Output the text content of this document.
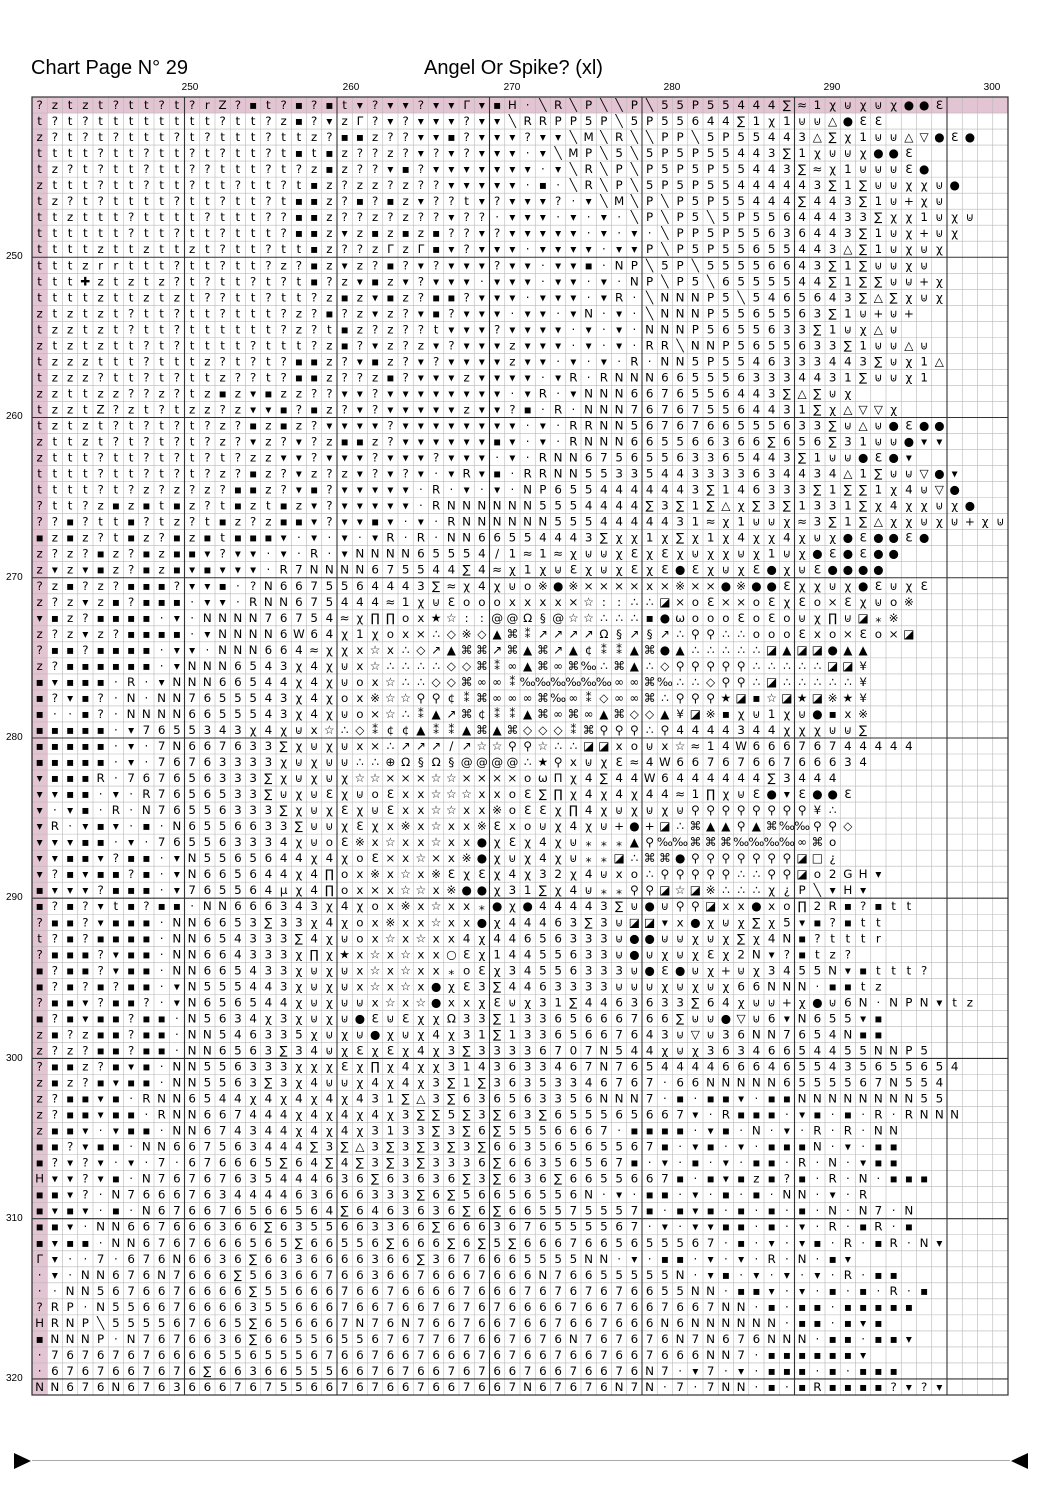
Chart Page N° 29	Angel Or Spike? (xl)
250	260	270	280	290	300
250
260
270
280
290
300
310
320
? z t z t ? t t ? t ? r Z ? ▪ t ? ▪ ? ▪ t ▾ ? ▾ ▾ ? ▾ ▾ Γ ▾ ▪ H · ╲ R ╲ P ╲ ╲ P ╲ 5 5 P 5 5 4 4 4 ∑ ≈ 1 χ ⊍ χ ⊍ χ ● ● Ɛ
t ? t ? t t t t t t t t ? t t ? z ▪ ? ▾ z Γ ? ▾ ? ▾ ▾ ▾ ? ▾ ▾ ╲ R R P P 5 P ╲ 5 P 5 5 6 4 4 ∑ 1 χ 1 ⊍ ⊍ △ ● Ɛ Ɛ
z ? t ? t ? t t t ? t ? t t t ? t t z ? ▪ ▪ z ? ? ▾ ▾ ▪ ? ▾ ▾ ▾ ? ▾ ▾ ╲ M ╲ R ╲ ╲ P P ╲ 5 P 5 5 4 4 3 △ ∑ χ 1 ⊍ ⊍ △ ▽ ● Ɛ ●
t t t t ? t t ? t t ? t ? t t ? t ▪ t ▪ z ? ? z ? ▾ ? ▾ ? ▾ ▾ ▾ · ▾ ╲ M P ╲ 5 ╲ 5 P 5 P 5 5 4 4 3 ∑ 1 χ ⊍ ⊍ χ ● ● Ɛ
t z ? t ? t t ? t t ? ? t t t ? t ? z ▪ z ? ? ▾ ▪ ? ▾ ▾ ▾ ▾ ▾ ▾ ▾ · ▾ ╲ R ╲ P ╲ P 5 P 5 P 5 5 4 4 3 ∑ ≈ χ 1 ⊍ ⊍ ⊍ Ɛ ●
z t t t ? t t ? t t ? t t ? t t ? t ▪ z ? z z ? z ? ? ▾ ▾ ▾ ▾ ▾ · ▪ · ╲ R ╲ P ╲ 5 P 5 P 5 5 4 4 4 4 4 3 ∑ 1 ∑ ⊍ ⊍ χ χ ⊍ ●
t z ? t ? t t t t ? t t ? t t ? t ▪ ▪ z ? ▪ ? ▪ z ▾ ? ? t ▾ ? ▾ ▾ ▾ ? · ▾ ╲ M ╲ P ╲ P 5 P 5 5 4 4 4 ∑ 4 4 3 ∑ 1 ⊍ + χ ⊍
t t z t t t ? t t t t ? t t t ? ? ▪ ▪ z ? ? z ? z ? ? ▾ ? ? · ▾ ▾ ▾ · ▾ · ▾ · ╲ P ╲ P 5 ╲ 5 P 5 5 6 4 4 4 3 3 ∑ χ χ 1 ⊍ χ ⊍
t t t t t t ? t t ? t t ? t t t ? ▪ ▪ z ▾ z ▪ z ▪ z ▪ ? ? ▾ ? ▾ ▾ ▾ ▾ ▾ · ▾ · ▾ · ╲ P P 5 P 5 5 6 3 6 4 4 3 ∑ 1 ⊍ χ + ⊍ χ
t t t t z t t z t t z t ? t t ? t t ▪ z ? ? z Γ z Γ ▪ ▾ ? ▾ ▾ ▾ · ▾ ▾ ▾ ▾ · ▾ ▾ P ╲ P 5 P 5 5 6 5 5 4 4 3 △ ∑ 1 ⊍ χ ⊍ χ
t t t z r r t t t ? t t ? t t ? z ? ▪ z ▾ z ? ▪ ? ▾ ? ▾ ▾ ▾ ? ▾ ▾ · ▾ ▾ ▪ · N P ╲ 5 P ╲ 5 5 5 5 6 6 4 3 ∑ 1 ∑ ⊍ ⊍ χ ⊍
t t t ✚ z t z t z ? t ? t t ? t ? t ▪ ? z ▾ ▪ z ▾ ? ▾ ▾ ▾ · ▾ ▾ ▾ · ▾ ▾ · ▾ · N P ╲ P 5 ╲ 6 5 5 5 5 4 4 ∑ 1 ∑ ∑ ⊍ ⊍ + χ
t t t t z t t z t z t ? ? t t ? t t ? z ▪ z ▾ ▪ z ? ▪ ▪ ? ▾ ▾ ▾ · ▾ ▾ ▾ · ▾ R · ╲ N N N P 5 ╲ 5 4 6 5 6 4 3 ∑ △ ∑ χ ⊍ χ
z t z t z t ? t t ? t t ? t t t ? z ? ▪ ? z ▾ z ? ▾ ▪ ? ▾ ▾ ▾ · ▾ ▾ · ▾ N · ▾ · ╲ N N N P 5 5 6 5 5 6 3 ∑ 1 ⊍ + ⊍ +
t z z t z t ? t t ? t t t t t t ? z ? t ▪ z ? z ? ? t ▾ ▾ ▾ ? ▾ ▾ ▾ ▾ · ▾ · ▾ · N N N P 5 6 5 5 6 3 3 ∑ 1 ⊍ χ △ ⊍
z t z t z t t ? t ? t t t t ? t t t ? z ▪ ? ▾ z ? z ▾ ? ▾ ▾ ▾ z ▾ ▾ ▾ · ▾ · ▾ · R R ╲ N N P 5 6 5 5 6 3 3 ∑ 1 ⊍ ⊍ △ ⊍
t z z z t t t ? t t t z ? t ? t ? ▪ ▪ z ? ▾ ▪ z ? ▾ ? ▾ ▾ ▾ ▾ z ▾ ▾ · ▾ · ▾ · R · N N 5 P 5 5 4 6 3 3 3 4 4 3 ∑ ⊍ χ 1 △
t z z z ? t t ? t ? t t z ? ? t ? ▪ ▪ z ? ? z ▪ ? ▾ ▾ ▾ z ▾ ▾ ▾ ▾ · ▾ R · R N N N 6 6 5 5 5 6 3 3 3 4 4 3 1 ∑ ⊍ ⊍ χ 1
z z t t z z ? ? z ? t z ▪ z ▾ ▪ z z ? ? ▾ ▾ ? ▾ ▾ ▾ ▾ ▾ ▾ ▾ ▾ · ▾ R · ▾ N N N 6 6 7 6 5 5 6 4 4 3 ∑ △ ∑ ⊍ χ
t z z t Z ? z t ? t z z ? z ▾ ▾ ▪ ? ▪ z ? ▾ ? ▾ ▾ ▾ ▾ ▾ z ▾ ▾ ? ▪ · R · N N N 7 6 7 6 7 5 5 6 4 4 3 1 ∑ χ △ ▽ ▽ χ
t z t z t ? t ? t ? t ? z ? ▪ z ▪ z ? ▾ ▾ ▾ ▾ ? ▾ ▾ ▾ ▾ ▾ ▾ ▾ ▾ · ▾ · R R N N 5 6 7 6 7 6 6 5 5 5 6 3 3 ∑ ⊍ △ ⊍ ● Ɛ ● ●
z t t z t ? t ? t ? t ? z ? ▾ z ? ▾ ? z ▪ ▪ z ? ▾ ▾ ▾ ▾ ▾ ▾ ▪ ▾ · ▾ · R N N N 6 6 5 5 6 6 3 6 6 ∑ 6 5 6 ∑ 3 1 ⊍ ⊍ ● ▾ ▾
z t t t ? t t ? t ? t ? t ? z z ▾ ▾ ? ▾ ▾ ▾ ? ▾ ▾ ▾ ? ▾ ▾ ▾ · ▾ · R N N 6 7 5 6 5 5 6 3 3 6 5 4 4 3 ∑ 1 ⊍ ⊍ ● Ɛ ● ▾
t t t t ? t t ? t ? t ? z ? ▪ z ? ▾ z ? z ▾ ? ▾ ? ▾ · ▾ R ▾ ▪ · R R N N 5 5 3 3 5 4 4 3 3 3 3 6 3 4 4 3 4 △ 1 ∑ ⊍ ⊍ ▽ ● ▾
t t t t ? t ? z ? z ? z ? ▪ ▪ z ? ▾ ▪ ? ▾ ▾ ▾ ▾ ▾ · R · ▾ · ▾ · N P 6 5 5 4 4 4 4 4 4 3 ∑ 1 4 6 3 3 3 ∑ 1 ∑ ∑ 1 χ 4 ⊍ ▽ ●
? t t ? z ▪ z ▪ t ▪ z ? t ▪ z t ▪ z ▾ ? ▾ ▾ ▾ ▾ ▾ · R N N N N N N 5 5 5 4 4 4 4 ∑ 3 ∑ 1 ∑ △ χ ∑ 3 ∑ 1 3 3 1 ∑ χ 4 χ χ ⊍ χ ●
? ? ▪ ? t t ▪ ? t z ? t ▪ z ? z ▪ ▪ ▾ ? ▾ ▾ ▪ ▾ · ▾ · R N N N N N N 5 5 5 4 4 4 4 4 3 1 ≈ χ 1 ⊍ ⊍ χ ≈ 3 ∑ 1 ∑ △ χ χ ⊍ χ ⊍ + χ ⊍
▪ z ▪ z ? t ▪ z ? ▪ z ▪ t ▪ ▪ ▪ ▾ · ▾ · ▾ · ▾ R · R · N N 6 6 5 5 4 4 4 3 ∑ χ χ 1 χ ∑ χ 1 χ 4 χ χ 4 χ ⊍ χ ● Ɛ ● ● Ɛ ●
z ? z ? ▪ z ? ▪ z ▪ ▪ ▾ ? ▾ ▾ · ▾ · R · ▾ N N N N 6 5 5 5 4 ∕ 1 ≈ 1 ≈ χ ⊍ ⊍ χ Ɛ χ Ɛ χ ⊍ χ χ ⊍ χ 1 ⊍ χ ● Ɛ ● Ɛ ● ●
z ▾ z ▾ ▪ z ? ▪ z ▪ ▾ ▪ ▾ ▾ ▾ · R 7 N N N N 6 7 5 5 4 4 ∑ 4 ≈ χ 1 χ ⊍ Ɛ χ ⊍ χ Ɛ χ Ɛ ● Ɛ χ ⊍ χ Ɛ ● χ ⊍ Ɛ ● ● ● ●
? z ▪ ? z ? ▪ ▪ ▪ ? ▾ ▾ ▪ · ? N 6 6 7 5 5 6 4 4 4 3 ∑ ≈ χ 4 χ ⊍ o ※ ● ※ × × × × x × ※ × × ● ※ ● ● Ɛ χ χ ⊍ χ ● Ɛ ⊍ χ Ɛ
z ? z ▾ z ▪ ? ▪ ▪ ▪ · ▾ ▾ · R N N 6 7 5 4 4 4 ≈ 1 χ ⊍ Ɛ o o o x x x x × ☆ : : ∴ ∴ ◪ × o Ɛ × × o Ɛ χ Ɛ o × Ɛ χ ⊍ o ※
▾ ▪ z ? ▪ ▪ ▪ ▪ · ▾ · N N N N 7 6 7 5 4 ≈ χ ∏ ∏ o x ★ ☆ : : @ @ Ω § @ ☆ ☆ ∴ ∴ ∴ ▪ ● ω o o o Ɛ o Ɛ o ⊍ χ ∏ ⊍ ◪ ⁎ ※
z ? z ▾ z ? ▪ ▪ ▪ ▪ · ▾ N N N N 6 W 6 4 χ 1 χ o x × ∴ ◇ ※ ◇ ▲ ⌘ ⁑ ↗ ↗ ↗ ↗ Ω § ↗ § ↗ ∴ ⚲ ⚲ ∴ ∴ o o o Ɛ x o × Ɛ o × ◪
? ▪ ▪ ? ▪ ▪ ▪ ▪ · ▾ ▾ · N N N 6 6 4 ≈ χ χ x ☆ x ∴ ◇ ↗ ▲ ⌘ ⌘ ↗ ⌘ ▲ ⌘ ↗ ▲ ¢ ⁑ ⁑ ▲ ⌘ ● ▲ ∴ ∴ ∴ ∴ ∴ ◪ ▲ ◪ ◪ ● ▲ ▲
z ? ▪ ▪ ▪ ▪ ▪ ▪ · ▾ N N N 6 5 4 3 χ 4 χ ⊍ x ☆ ∴ ∴ ∴ ∴ ◇ ◇ ⌘ ⁑ ∞ ▲ ⌘ ∞ ⌘ ‰ ∴ ⌘ ▲ ∴ ◇ ⚲ ⚲ ⚲ ⚲ ⚲ ∴ ∴ ∴ ∴ ∴ ◪ ◪ ¥
▪ ▾ ▪ ▪ ▪ · R · ▾ N N N 6 6 5 4 4 χ 4 χ ⊍ o x ☆ ∴ ∴ ◇ ◇ ⌘ ∞ ∞ ⁑ ‰ ‰ ‰ ‰ ‰ ‰ ∞ ∞ ⌘ ‰ ∴ ∴ ◇ ⚲ ⚲ ∴ ◪ ∴ ∴ ∴ ∴ ∴ ¥
▪ ? ▾ ▪ ? · N · N N 7 6 5 5 5 4 3 χ 4 χ o x ※ ☆ ☆ ⚲ ⚲ ¢ ⁑ ⌘ ∞ ∞ ∞ ⌘ ‰ ∞ ⁑ ◇ ∞ ∞ ⌘ ∴ ⚲ ⚲ ⚲ ★ ◪ ▪ ☆ ◪ ★ ◪ ※ ★ ¥
▪ · · ▪ ? · N N N N 6 6 5 5 5 4 3 χ 4 χ ⊍ o × ☆ ∴ ⁑ ▲ ↗ ⌘ ¢ ⁑ ⁑ ▲ ⌘ ∞ ⌘ ∞ ▲ ⌘ ◇ ◇ ▲ ¥ ◪ ※ ▪ χ ⊍ 1 χ ⊍ ● ▪ x ※
▪ ▪ ▪ ▪ ▪ · ▾ 7 6 5 5 3 4 3 χ 4 χ ⊍ x ☆ ∴ ◇ ⁑ ¢ ¢ ▲ ⁑ ⁑ ▲ ⌘ ▲ ⌘ ◇ ◇ ◇ ⁑ ⌘ ⚲ ⚲ ⚲ ∴ ⚲ 4 4 4 4 3 4 4 χ χ χ ⊍ ⊍ ∑
▪ ▪ ▪ ▪ ▪ · ▾ · 7 N 6 6 7 6 3 3 ∑ χ ⊍ χ ⊍ x × ∴ ↗ ↗ ↗ ∕ ↗ ☆ ☆ ⚲ ⚲ ☆ ∴ ∴ ◪ ◪ x o ⊍ x ☆ ≈ 1 4 W 6 6 6 7 6 7 4 4 4 4 4
▪ ▪ ▪ ▪ ▪ · ▾ · 7 6 7 6 3 3 3 3 χ ⊍ χ ⊍ ⊍ ∴ ∴ ⊕ Ω § Ω § @ @ @ @ ∴ ★ ⚲ x ⊍ χ Ɛ ≈ 4 W 6 6 7 6 7 6 6 7 6 6 6 3 4
▾ ▪ ▪ ▪ R · 7 6 7 6 5 6 3 3 3 ∑ χ ⊍ χ ⊍ χ ☆ ☆ × × × ☆ ☆ × × × × o ω Π χ 4 ∑ 4 4 W 6 4 4 4 4 4 4 ∑ 3 4 4 4
▾ ▾ ▪ ▪ · ▾ · R 7 6 5 6 5 3 3 ∑ ⊍ χ ⊍ Ɛ χ ⊍ o Ɛ x x ☆ ☆ ☆ x x o Ɛ ∑ ∏ χ 4 χ 4 χ 4 4 ≈ 1 ∏ χ ⊍ Ɛ ● ▾ Ɛ ● ● Ɛ
▾ · ▾ ▪ · R · N 7 6 5 5 6 3 3 3 ∑ χ ⊍ χ Ɛ χ ⊍ Ɛ x x ☆ ☆ x x ※ o Ɛ Ɛ χ ∏ 4 χ ⊍ χ ⊍ χ ⊍ ⚲ ⚲ ⚲ ⚲ ⚲ ⚲ ⚲ ⚲ ¥ ∴
▾ R · ▾ ▪ ▾ · ▪ · N 6 5 5 6 6 3 3 ∑ ⊍ ⊍ χ Ɛ χ x ※ x ☆ x x ※ Ɛ x o ⊍ χ 4 χ ⊍ + ● + ◪ ∴ ⌘ ▲ ▲ ⚲ ▲ ⌘ ‰ ‰ ⚲ ⚲ ◇
▾ ▾ ▾ ▪ ▪ · ▾ · 7 6 5 5 6 3 3 3 4 χ ⊍ o Ɛ ※ x ☆ x x ☆ x x ● χ Ɛ χ 4 χ ⊍ ⁎ ⁎ ⁎ ▲ ⚲ ‰ ‰ ⌘ ⌘ ⌘ ‰ ‰ ‰ ‰ ∞ ⌘ o
▾ ▾ ▪ ▪ ▾ ? ▪ ▪ · ▾ N 5 5 6 5 6 4 4 χ 4 χ o Ɛ × x ☆ × x ※ ● χ ⊍ χ 4 χ ⊍ ⁎ ⁎ ◪ ∴ ⌘ ⌘ ● ⚲ ⚲ ⚲ ⚲ ⚲ ⚲ ⚲ ◪ □ ¿
▾ ? ▪ ▾ ▪ ▪ ? ▪ · ▾ N 6 6 5 6 4 4 χ 4 ∏ o x ※ x ☆ x ※ Ɛ χ Ɛ χ 4 χ 3 2 χ 4 ⊍ x o ∴ ⚲ ⚲ ⚲ ⚲ ⚲ ∴ ∴ ⚲ ⚲ ◪ o 2 G H ▾
▪ ▾ ▾ ▾ ? ▪ ▪ ▪ · ▾ 7 6 5 5 6 4 μ χ 4 ∏ o x × x ☆ ☆ x ※ ● ● χ 3 1 ∑ χ 4 ⊍ ⁎ ⁎ ⚲ ⚲ ◪ ☆ ◪ ※ ∴ ∴ ∴ χ ¿ P ╲ ▾ H ▾
▪ ? ▪ ? ▾ t ▪ ? ▪ ▪ · N N 6 6 6 3 4 3 χ 4 χ o x ※ x ☆ x x ⁎ ● χ ● 4 4 4 4 3 ∑ ⊍ ● ⊍ ⚲ ⚲ ◪ x x ● x o ∏ 2 R ▪ ? ▪ t t
? ▪ ▪ ? ▾ ▪ ▪ ▪ · N N 6 6 5 3 ∑ 3 3 χ 4 χ o x ※ x x ☆ x x ● χ 4 4 4 6 3 ∑ 3 ⊍ ◪ ◪ ▾ x ● χ ⊍ χ ∑ χ 5 ▾ ▪ ? ▪ t t
t ? ▪ ? ▪ ▪ ▪ ▪ · N N 6 5 4 3 3 3 ∑ 4 χ ⊍ o x ☆ x ☆ x x 4 χ 4 4 6 5 6 3 3 3 ⊍ ● ● ⊍ ⊍ χ ⊍ χ ∑ χ 4 N ▪ ? t t t r
? ▪ ▪ ▪ ? ▾ ▪ ▪ · N N 6 6 4 3 3 3 χ ∏ χ ★ x ☆ x ☆ x x ○ Ɛ χ 1 4 4 5 5 6 3 3 ⊍ ● ⊍ χ ⊍ χ Ɛ χ 2 N ▾ ? ▪ t z ?
▪ ? ▪ ▪ ? ▾ ▪ ▪ · N N 6 6 5 4 3 3 χ ⊍ χ ⊍ x ☆ x ☆ x x ⁎ o Ɛ χ 3 4 5 5 6 3 3 3 ⊍ ● Ɛ ● ⊍ χ + ⊍ χ 3 4 5 5 N ▾ ▪ t t t ?
▪ ? ▪ ? ▪ ? ▪ ▪ · ▾ N 5 5 5 4 4 3 χ ⊍ χ ⊍ x ☆ x ☆ x ● χ Ɛ 3 ∑ 4 4 6 3 3 3 3 ⊍ ⊍ ⊍ χ ⊍ χ ⊍ χ 6 6 N N N · ▪ ▪ t z
? ▪ ▪ ▾ ? ▪ ▪ ? · ▾ N 6 5 6 5 4 4 χ ⊍ χ ⊍ ⊍ x ☆ x ☆ ● x x χ Ɛ ⊍ χ 3 1 ∑ 4 4 6 3 6 3 3 ∑ 6 4 χ ⊍ ⊍ + χ ● ⊍ 6 N · N P N ▾ t z
▪ ? ▪ ▾ ▪ ▪ ? ▪ ▪ · N 5 6 3 4 χ 3 χ ⊍ χ ⊍ ● Ɛ ⊍ Ɛ χ χ Ω 3 3 ∑ 1 3 3 6 5 6 6 6 7 6 6 ∑ ⊍ ⊍ ● ▽ ⊍ 6 ▾ N 6 5 5 ▾ ▪
z ▪ ? z ▪ ▪ ? ▪ ▪ · N N 5 4 6 3 3 5 χ ⊍ χ ⊍ ● χ ⊍ χ 4 χ 3 1 ∑ 1 3 3 6 5 6 6 7 6 4 3 ⊍ ▽ ⊍ 3 6 N N 7 6 5 4 N ▪ ▪
z ? z ? ▪ ▪ ? ▪ ▪ · N N 6 5 6 3 ∑ 3 4 ⊍ χ Ɛ χ Ɛ χ 4 χ 3 ∑ 3 3 3 3 6 7 0 7 N 5 4 4 χ ⊍ χ 3 6 3 4 6 6 5 4 4 5 5 N N P 5
? ▪ ▪ z ? ▪ ▾ ▪ · N N 5 5 6 3 3 3 χ χ χ Ɛ χ ∏ χ 4 χ χ 3 1 4 3 6 3 3 4 6 7 N 7 6 5 4 4 4 4 6 6 6 4 6 5 5 4 3 5 6 5 5 6 5 4
z ▪ z ? ▪ ▾ ▪ ▪ · N N 5 5 6 3 ∑ 3 χ 4 ⊍ ⊍ χ 4 χ 4 χ 3 ∑ 1 ∑ 3 6 3 5 3 3 4 6 7 6 7 · 6 6 N N N N N 6 5 5 5 5 6 7 N 5 5 4
z ? ▪ ▪ ▾ ▪ · R N N 6 5 4 4 χ 4 χ 4 χ 4 χ 4 3 1 ∑ △ 3 ∑ 6 3 6 5 6 3 3 5 6 N N N 7 · ▪ · ▪ ▪ ▾ · ▪ ▪ N N N N N N N N 5 5
z ? ▪ ▪ ▾ ▪ ▪ · R N N 6 6 7 4 4 4 χ 4 χ 4 χ 4 χ 3 ∑ ∑ 5 ∑ 3 ∑ 6 3 ∑ 6 5 5 5 6 5 6 6 7 ▾ · R ▪ ▪ ▪ · ▾ ▪ · ▪ · R · R N N N
z ▪ ▪ ▾ · ▾ ▪ ▪ · N N 6 7 4 3 4 4 χ 4 χ 4 χ 3 1 3 3 ∑ 3 ∑ 6 ∑ 5 5 5 6 6 6 7 · ▪ ▪ ▪ ▪ · ▾ ▪ · N · ▾ · R · R · N N
▪ ▪ ? ▾ ▪ ▪ · N N 6 6 7 5 6 3 4 4 4 ∑ 3 ∑ △ 3 ∑ 3 ∑ 3 ∑ 3 ∑ 6 6 3 5 6 5 6 5 5 6 7 ▪ · ▾ ▪ · ▾ · ▪ ▪ ▪ N · ▾ · ▪ ▪
▪ ? ▾ ? ▾ · ▾ · 7 · 6 7 6 6 6 5 ∑ 6 4 ∑ 4 ∑ 3 ∑ 3 ∑ 3 3 3 6 ∑ 6 6 3 5 6 5 6 7 ▪ · ▾ · ▪ · ▾ · ▪ ▪ · R · N · ▾ ▪ ▪
H ▾ ▾ ? ▾ ▪ · N 7 6 7 6 7 6 3 5 4 4 4 6 3 6 ∑ 6 3 6 3 6 ∑ 3 ∑ 6 3 6 ∑ 6 6 5 5 6 6 7 ▪ · ▪ ▾ ▪ z ▪ ? ▪ · R · N · ▪ ▪ ▪
▪ ▪ ▾ ? · N 7 6 6 6 7 6 3 4 4 4 4 6 3 6 6 6 3 3 3 ∑ 6 ∑ 5 6 6 5 6 5 5 6 N · ▾ · ▪ ▪ · ▾ · ▪ · ▪ · N N · ▾ · R
▪ ▾ ▪ ▾ · ▪ · N 6 7 6 6 7 6 5 6 6 5 6 4 ∑ 6 4 6 3 6 3 6 ∑ 6 ∑ 6 6 5 5 7 5 5 5 7 ▪ · ▪ ▾ ▪ · ▪ · ▪ · ▪ · N · N 7 · N
▪ ▪ ▾ · N N 6 6 7 6 6 6 3 6 6 ∑ 6 3 5 5 6 6 3 3 6 6 ∑ 6 6 6 3 6 7 6 5 5 5 5 6 7 · ▾ · ▾ ▾ ▪ ▪ · ▪ · ▾ · R · ▪ R · ▪
▪ ▾ ▪ ▪ · N N 6 7 6 7 6 6 6 5 6 5 ∑ 6 6 5 5 6 ∑ 6 6 6 ∑ 6 ∑ 5 ∑ 6 6 6 7 6 6 5 6 5 5 5 6 7 · ▪ · ▾ · ▾ ▪ · R · ▪ R · N ▾
Γ ▾ · · 7 · 6 7 6 N 6 6 3 6 ∑ 6 6 3 6 6 6 6 3 6 6 ∑ 3 6 7 6 6 6 5 5 5 5 N N · ▾ · ▪ ▪ · ▾ · ▾ · R · N · ▪ ▾
· ▾ · N N 6 7 6 N 7 6 6 6 ∑ 5 6 3 6 6 7 6 6 3 6 6 7 6 6 6 7 6 6 6 N 7 6 6 5 5 5 5 5 N · ▾ ▪ · ▾ · ▾ · ▾ · R · ▪ ▪
· · N N 5 6 7 6 6 7 6 6 6 6 ∑ 5 5 6 6 6 7 6 6 7 6 6 6 6 7 6 6 6 7 6 7 6 7 6 7 6 6 5 5 N N · ▪ ▪ ▾ · ▾ · ▪ · ▪ · R · ▪
? R P · N 5 5 6 6 7 6 6 6 6 3 5 5 6 6 6 7 6 6 7 6 6 7 6 7 6 7 6 6 6 6 7 6 6 7 6 6 7 6 6 7 N N · ▪ · ▪ ▪ · ▪ ▪ ▪ ▪ ▪
H R N P ╲ 5 5 5 5 6 7 6 6 5 ∑ 6 5 6 6 6 7 N 7 6 N 7 6 6 7 6 6 7 6 6 7 6 6 7 6 6 6 N 6 N N N N N N · ▪ ▪ · ▪ ▾ ▪
▪ N N N P · N 7 6 7 6 6 3 6 ∑ 6 6 5 5 6 5 5 6 7 6 7 7 6 7 6 6 7 6 7 6 N 7 6 7 6 7 6 N 7 N 6 7 6 N N N · ▪ ▪ · ▪ ▪ ▾
· 7 6 7 6 7 6 7 6 6 6 6 5 5 6 5 5 5 6 7 6 6 7 6 6 7 6 6 6 7 6 7 6 6 7 6 6 7 6 6 7 6 6 6 N N 7 · ▪ ▪ ▪ ▪ ▪ ▪ ▾
· 6 7 6 7 6 6 7 6 7 6 ∑ 6 6 3 6 6 5 5 5 6 6 7 6 7 6 6 7 6 7 6 6 7 6 6 7 6 6 7 6 N 7 · ▾ 7 · ▾ · ▪ ▪ ▪ · ▪ · ▪ ▪ ▪
N N 6 7 6 N 6 7 6 3 6 6 6 7 6 7 5 5 6 6 7 6 7 6 6 7 6 6 7 6 6 7 N 6 7 6 7 6 N 7 N · 7 · 7 N N · ▪ · ▪ R ▪ ▪ ▪ ▪ ? ▾ ? ▾
